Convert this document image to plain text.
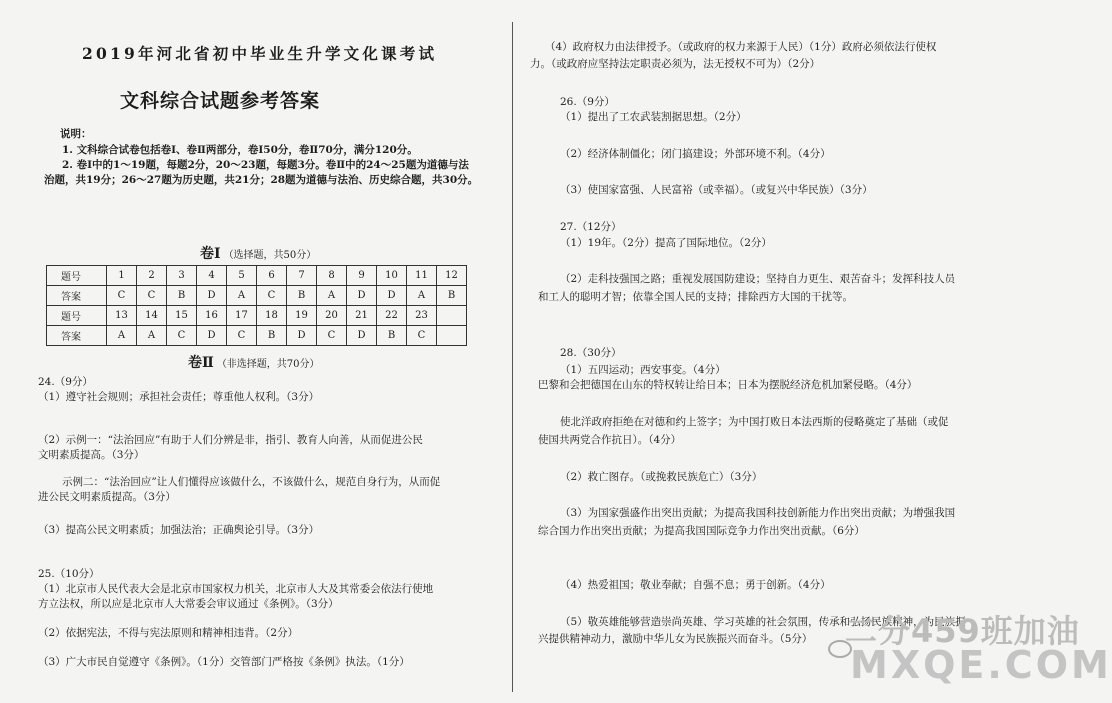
2019年河北省初中毕业生升学文化课考试
文科综合试题参考答案
说明：
1. 文科综合试卷包括卷Ⅰ、卷Ⅱ两部分，卷Ⅰ50分，卷Ⅱ70分，满分120分。
2. 卷Ⅰ中的1～19题，每题2分，20～23题，每题3分。卷Ⅱ中的24～25题为道德与法
治题，共19分；26～27题为历史题，共21分；28题为道德与法治、历史综合题，共30分。
卷Ⅰ （选择题，共50分）
题号	1	2	3	4	5	6	7	8	9	10	11	12
答案	C	C	B	D	A	C	B	A	D	D	A	B
题号	13	14	15	16	17	18	19	20	21	22	23	
答案	A	A	C	D	C	B	D	C	D	B	C	
卷Ⅱ （非选择题，共70分）
24.（9分）
（1）遵守社会规则；承担社会责任；尊重他人权利。（3分）
（2）示例一：“法治回应”有助于人们分辨是非，指引、教育人向善，从而促进公民
文明素质提高。（3分）
示例二：“法治回应”让人们懂得应该做什么，不该做什么，规范自身行为，从而促
进公民文明素质提高。（3分）
（3）提高公民文明素质；加强法治；正确舆论引导。（3分）
25.（10分）
（1）北京市人民代表大会是北京市国家权力机关，北京市人大及其常委会依法行使地
方立法权，所以应是北京市人大常委会审议通过《条例》。（3分）
（2）依据宪法，不得与宪法原则和精神相违背。（2分）
（3）广大市民自觉遵守《条例》。（1分）交管部门严格按《条例》执法。（1分）
（4）政府权力由法律授予。（或政府的权力来源于人民）（1分）政府必须依法行使权
力。（或政府应坚持法定职责必须为，法无授权不可为）（2分）
26.（9分）
（1）提出了工农武装割据思想。（2分）
（2）经济体制僵化；闭门搞建设；外部环境不利。（4分）
（3）使国家富强、人民富裕（或幸福）。（或复兴中华民族）（3分）
27.（12分）
（1）19年。（2分）提高了国际地位。（2分）
（2）走科技强国之路；重视发展国防建设；坚持自力更生、艰苦奋斗；发挥科技人员
和工人的聪明才智；依靠全国人民的支持；排除西方大国的干扰等。
28.（30分）
（1）五四运动；西安事变。（4分）
巴黎和会把德国在山东的特权转让给日本；日本为摆脱经济危机加紧侵略。（4分）
使北洋政府拒绝在对德和约上签字；为中国打败日本法西斯的侵略奠定了基础（或促
使国共两党合作抗日）。（4分）
（2）救亡图存。（或挽救民族危亡）（3分）
（3）为国家强盛作出突出贡献；为提高我国科技创新能力作出突出贡献；为增强我国
综合国力作出突出贡献；为提高我国国际竞争力作出突出贡献。（6分）
（4）热爱祖国；敬业奉献；自强不息；勇于创新。（4分）
（5）敬英雄能够营造崇尚英雄、学习英雄的社会氛围，传承和弘扬民族精神，为民族振
兴提供精神动力，激励中华儿女为民族振兴而奋斗。（5分） 二分459班加油
MXQE.COM
